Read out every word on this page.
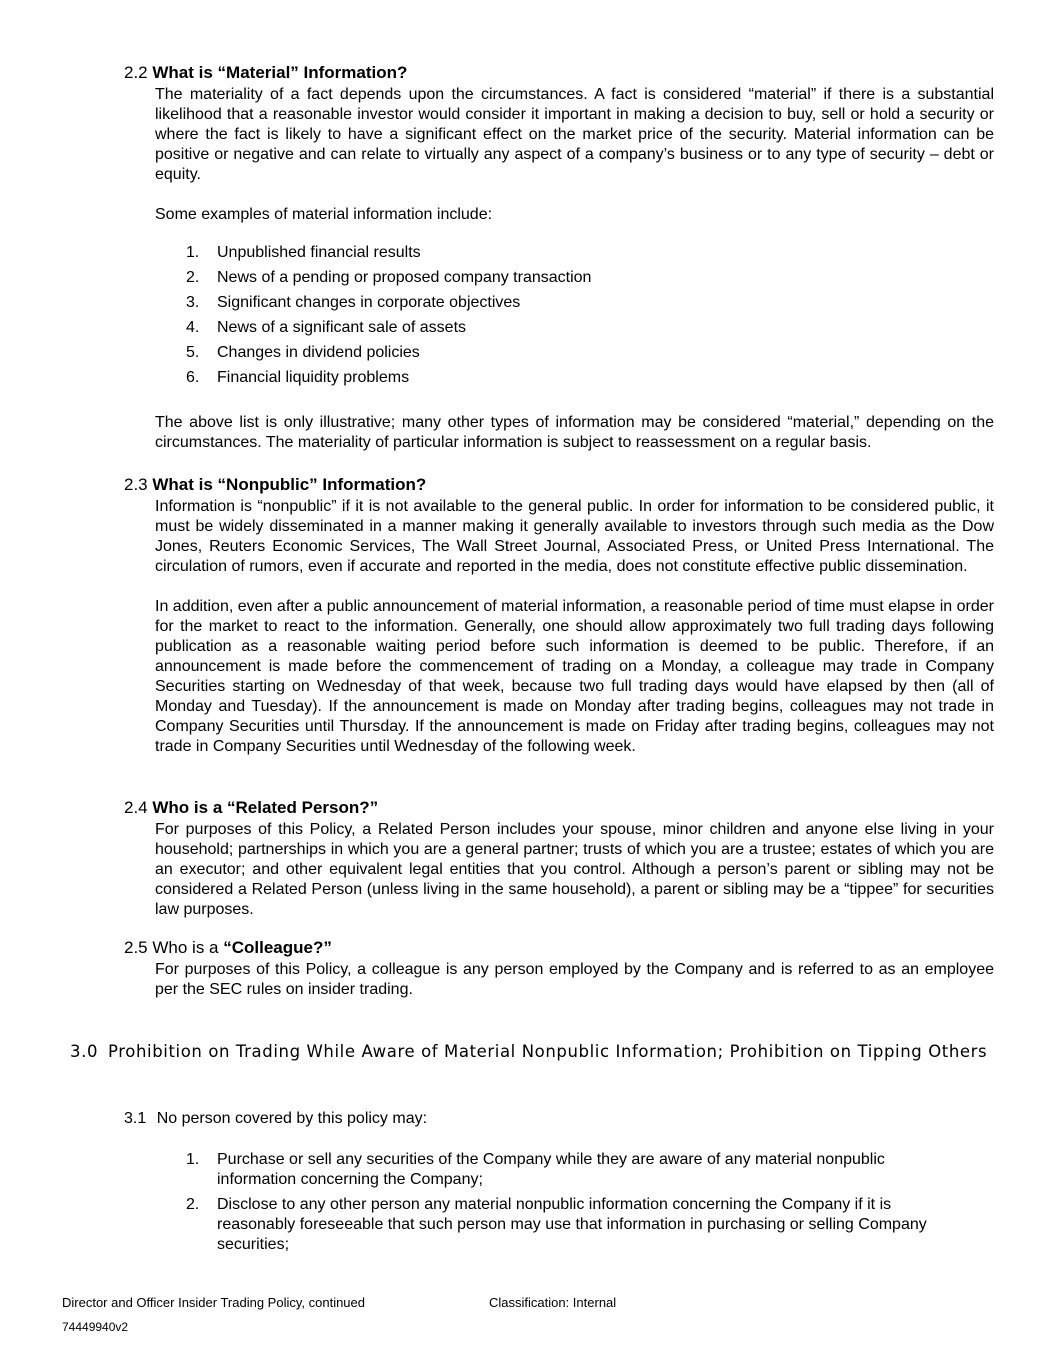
2.2 What is “Material” Information?

The materiality of a fact depends upon the circumstances. A fact is considered “material” if there is a substantial likelihood that a reasonable investor would consider it important in making a decision to buy, sell or hold a security or where the fact is likely to have a significant effect on the market price of the security. Material information can be positive or negative and can relate to virtually any aspect of a company’s business or to any type of security – debt or equity.

Some examples of material information include:

1. Unpublished financial results
2. News of a pending or proposed company transaction
3. Significant changes in corporate objectives
4. News of a significant sale of assets
5. Changes in dividend policies
6. Financial liquidity problems

The above list is only illustrative; many other types of information may be considered “material,” depending on the circumstances. The materiality of particular information is subject to reassessment on a regular basis.

2.3 What is “Nonpublic” Information?

Information is “nonpublic” if it is not available to the general public. In order for information to be considered public, it must be widely disseminated in a manner making it generally available to investors through such media as the Dow Jones, Reuters Economic Services, The Wall Street Journal, Associated Press, or United Press International. The circulation of rumors, even if accurate and reported in the media, does not constitute effective public dissemination.

In addition, even after a public announcement of material information, a reasonable period of time must elapse in order for the market to react to the information. Generally, one should allow approximately two full trading days following publication as a reasonable waiting period before such information is deemed to be public. Therefore, if an announcement is made before the commencement of trading on a Monday, a colleague may trade in Company Securities starting on Wednesday of that week, because two full trading days would have elapsed by then (all of Monday and Tuesday). If the announcement is made on Monday after trading begins, colleagues may not trade in Company Securities until Thursday. If the announcement is made on Friday after trading begins, colleagues may not trade in Company Securities until Wednesday of the following week.

2.4 Who is a “Related Person?”

For purposes of this Policy, a Related Person includes your spouse, minor children and anyone else living in your household; partnerships in which you are a general partner; trusts of which you are a trustee; estates of which you are an executor; and other equivalent legal entities that you control. Although a person’s parent or sibling may not be considered a Related Person (unless living in the same household), a parent or sibling may be a “tippee” for securities law purposes.

2.5 Who is a “Colleague?”

For purposes of this Policy, a colleague is any person employed by the Company and is referred to as an employee per the SEC rules on insider trading.

3.0 Prohibition on Trading While Aware of Material Nonpublic Information; Prohibition on Tipping Others
3.1 No person covered by this policy may:
1. Purchase or sell any securities of the Company while they are aware of any material nonpublic information concerning the Company;
2. Disclose to any other person any material nonpublic information concerning the Company if it is reasonably foreseeable that such person may use that information in purchasing or selling Company securities;
Director and Officer Insider Trading Policy, continued	Classification: Internal
74449940v2
